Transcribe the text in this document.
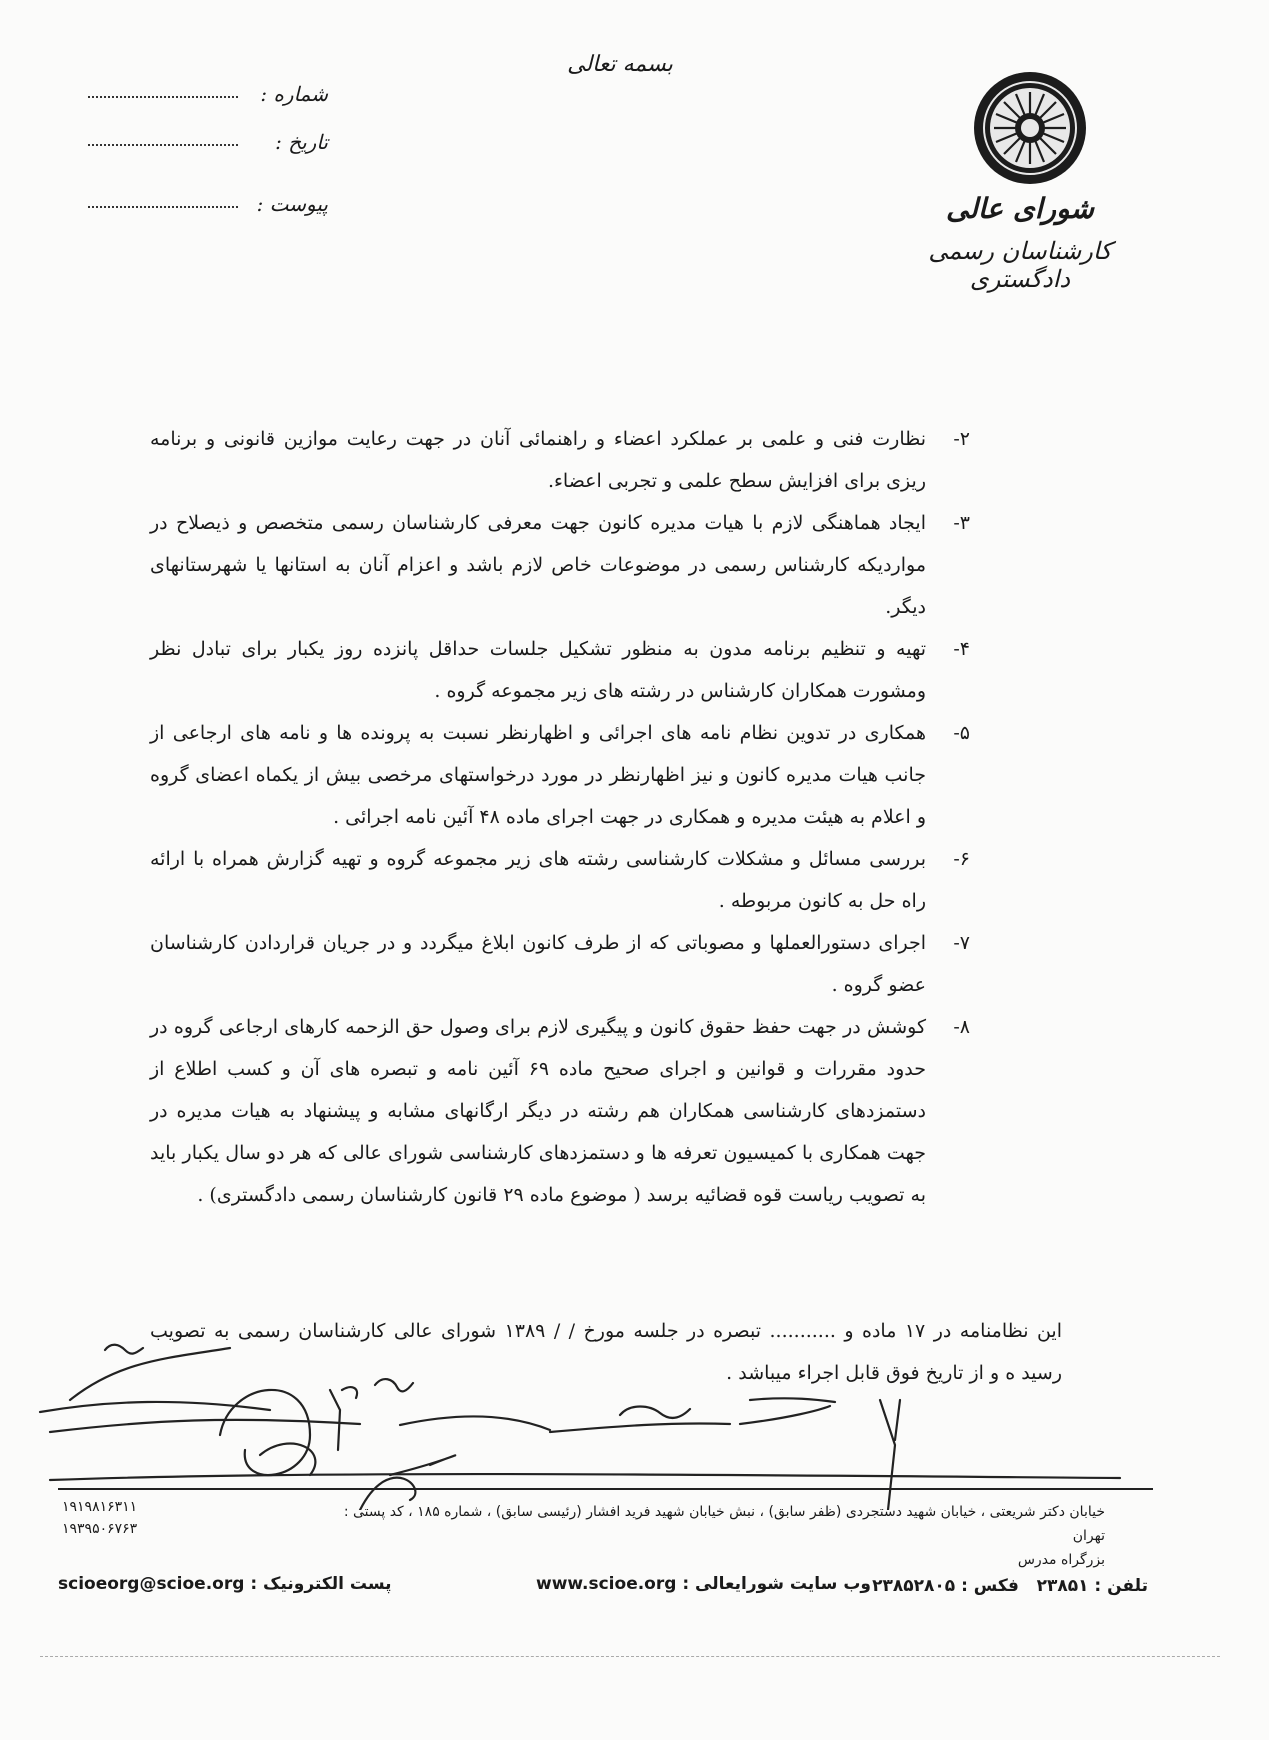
بسمه تعالی
شماره :
تاریخ :
پیوست :	شورای عالی
کارشناسان رسمی دادگستری
۲-
نظارت فنی و علمی بر عملکرد اعضاء و راهنمائی آنان در جهت رعایت موازین قانونی و برنامه ریزی برای افزایش سطح علمی و تجربی اعضاء.
۳-
ایجاد هماهنگی لازم با هیات مدیره کانون جهت معرفی کارشناسان رسمی متخصص و ذیصلاح در مواردیکه کارشناس رسمی در موضوعات خاص لازم باشد و اعزام آنان به استانها یا شهرستانهای دیگر.
۴-
تهیه و تنظیم برنامه مدون به منظور تشکیل جلسات حداقل پانزده روز یکبار برای تبادل نظر ومشورت همکاران کارشناس در رشته های زیر مجموعه گروه .
۵-
همکاری در تدوین نظام نامه های اجرائی و اظهارنظر نسبت به پرونده ها و نامه های ارجاعی از جانب هیات مدیره کانون و نیز اظهارنظر در مورد درخواستهای مرخصی بیش از یکماه اعضای گروه و اعلام به هیئت مدیره و همکاری در جهت اجرای ماده ۴۸ آئین نامه اجرائی .
۶-
بررسی مسائل و مشکلات کارشناسی رشته های زیر مجموعه گروه و تهیه گزارش همراه با ارائه راه حل به کانون مربوطه .
۷-
اجرای دستورالعملها و مصوباتی که از طرف کانون ابلاغ میگردد و در جریان قراردادن کارشناسان عضو گروه .
۸-
کوشش در جهت حفظ حقوق کانون و پیگیری لازم برای وصول حق الزحمه کارهای ارجاعی گروه در حدود مقررات و قوانین و اجرای صحیح ماده ۶۹ آئین نامه و تبصره های آن و کسب اطلاع از دستمزدهای کارشناسی همکاران هم رشته در دیگر ارگانهای مشابه و پیشنهاد به هیات مدیره در جهت همکاری با کمیسیون تعرفه ها و دستمزدهای کارشناسی شورای عالی که هر دو سال یکبار باید به تصویب ریاست قوه قضائیه برسد ( موضوع ماده ۲۹ قانون کارشناسان رسمی دادگستری) .
این نظامنامه در ۱۷ ماده و ........... تبصره در جلسه مورخ / / ۱۳۸۹ شورای عالی کارشناسان رسمی به تصویب رسید ه و از تاریخ فوق قابل اجراء میباشد .
۱۹۱۹۸۱۶۳۱۱
۱۹۳۹۵۰۶۷۶۳
خیابان دکتر شریعتی ، خیابان شهید دستجردی (ظفر سابق) ، نبش خیابان شهید فرید افشار (رئیسی سابق) ، شماره ۱۸۵ ، کد پستی :
تهران
بزرگراه مدرس
scioeorg@scioe.org پست الکترونیک :	www.scioe.org وب سایت شورایعالی :	تلفن : ۲۳۸۵۱   فکس : ۲۳۸۵۲۸۰۵
